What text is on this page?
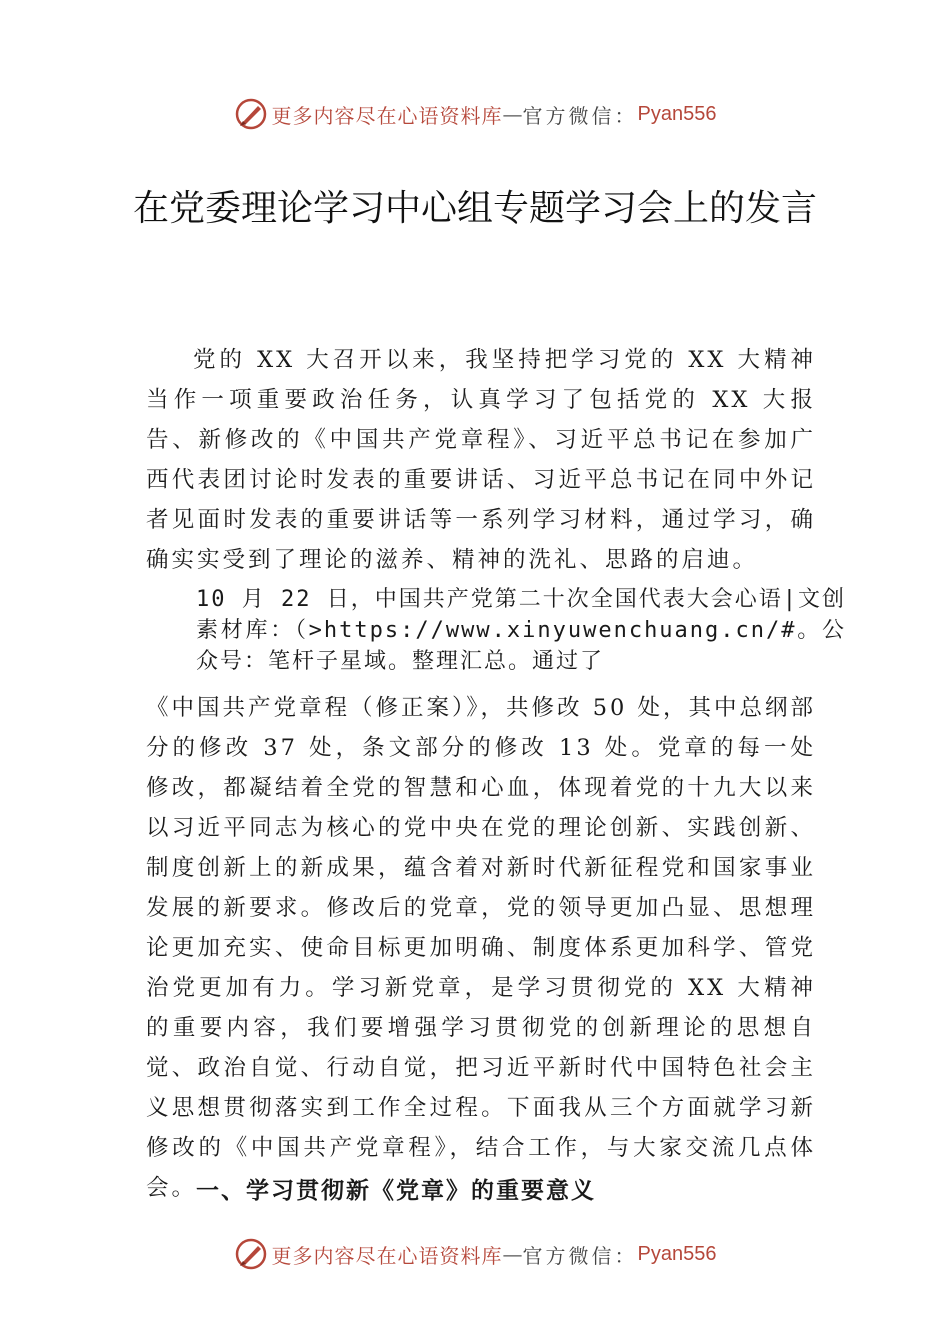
更多内容尽在心语资料库 — 官方微信： Pyan556
在党委理论学习中心组专题学习会上的发言

党的 XX 大召开以来，我坚持把学习党的 XX 大精神当作一项重要政治任务，认真学习了包括党的 XX 大报告、新修改的《中国共产党章程》、习近平总书记在参加广西代表团讨论时发表的重要讲话、习近平总书记在同中外记者见面时发表的重要讲话等一系列学习材料，通过学习，确确实实受到了理论的滋养、精神的洗礼、思路的启迪。

10 月 22 日，中国共产党第二十次全国代表大会心语|文创素材库：（>https://www.xinyuwenchuang.cn/#。公众号：笔杆子星域。整理汇总。通过了

《中国共产党章程（修正案）》，共修改 50 处，其中总纲部分的修改 37 处，条文部分的修改 13 处。党章的每一处修改，都凝结着全党的智慧和心血，体现着党的十九大以来以习近平同志为核心的党中央在党的理论创新、实践创新、制度创新上的新成果，蕴含着对新时代新征程党和国家事业发展的新要求。修改后的党章，党的领导更加凸显、思想理论更加充实、使命目标更加明确、制度体系更加科学、管党治党更加有力。学习新党章，是学习贯彻党的 XX 大精神的重要内容，我们要增强学习贯彻党的创新理论的思想自觉、政治自觉、行动自觉，把习近平新时代中国特色社会主义思想贯彻落实到工作全过程。下面我从三个方面就学习新修改的《中国共产党章程》，结合工作，与大家交流几点体会。

一、学习贯彻新《党章》的重要意义
更多内容尽在心语资料库 — 官方微信： Pyan556
